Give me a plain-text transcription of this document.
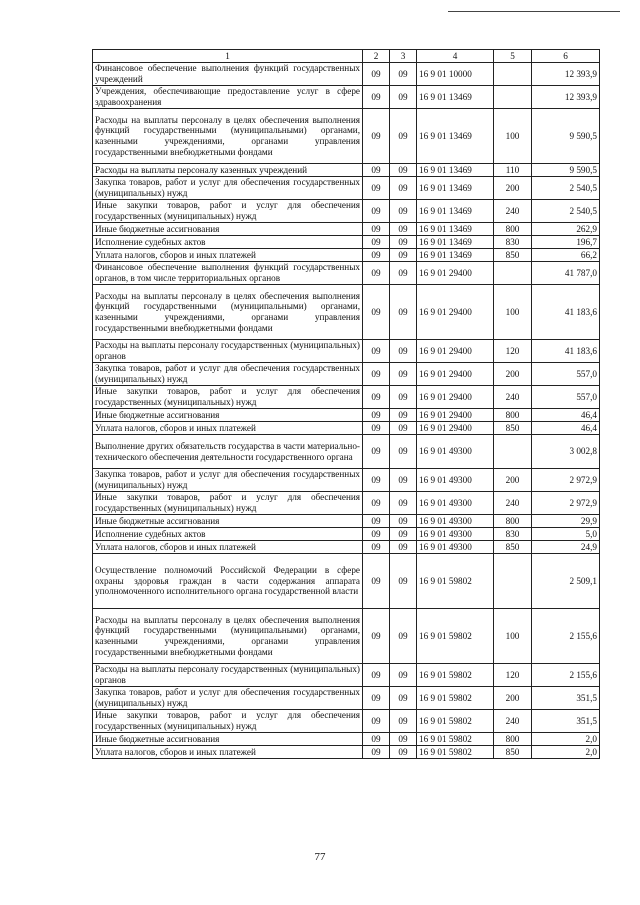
1	2	3	4	5	6
Финансовое обеспечение выполнения функций государственных учреждений	09	09	16 9 01 10000		12 393,9
Учреждения, обеспечивающие предоставление услуг в сфере здравоохранения	09	09	16 9 01 13469		12 393,9
Расходы на выплаты персоналу в целях обеспечения выполнения функций государственными (муниципальными) органами, казенными учреждениями, органами управления государственными внебюджетными фондами	09	09	16 9 01 13469	100	9 590,5
Расходы на выплаты персоналу казенных учреждений	09	09	16 9 01 13469	110	9 590,5
Закупка товаров, работ и услуг для обеспечения государственных (муниципальных) нужд	09	09	16 9 01 13469	200	2 540,5
Иные закупки товаров, работ и услуг для обеспечения государственных (муниципальных) нужд	09	09	16 9 01 13469	240	2 540,5
Иные бюджетные ассигнования	09	09	16 9 01 13469	800	262,9
Исполнение судебных актов	09	09	16 9 01 13469	830	196,7
Уплата налогов, сборов и иных платежей	09	09	16 9 01 13469	850	66,2
Финансовое обеспечение выполнения функций государственных органов, в том числе территориальных органов	09	09	16 9 01 29400		41 787,0
Расходы на выплаты персоналу в целях обеспечения выполнения функций государственными (муниципальными) органами, казенными учреждениями, органами управления государственными внебюджетными фондами	09	09	16 9 01 29400	100	41 183,6
Расходы на выплаты персоналу государственных (муниципальных) органов	09	09	16 9 01 29400	120	41 183,6
Закупка товаров, работ и услуг для обеспечения государственных (муниципальных) нужд	09	09	16 9 01 29400	200	557,0
Иные закупки товаров, работ и услуг для обеспечения государственных (муниципальных) нужд	09	09	16 9 01 29400	240	557,0
Иные бюджетные ассигнования	09	09	16 9 01 29400	800	46,4
Уплата налогов, сборов и иных платежей	09	09	16 9 01 29400	850	46,4
Выполнение других обязательств государства в части материально-технического обеспечения деятельности государственного органа	09	09	16 9 01 49300		3 002,8
Закупка товаров, работ и услуг для обеспечения государственных (муниципальных) нужд	09	09	16 9 01 49300	200	2 972,9
Иные закупки товаров, работ и услуг для обеспечения государственных (муниципальных) нужд	09	09	16 9 01 49300	240	2 972,9
Иные бюджетные ассигнования	09	09	16 9 01 49300	800	29,9
Исполнение судебных актов	09	09	16 9 01 49300	830	5,0
Уплата налогов, сборов и иных платежей	09	09	16 9 01 49300	850	24,9
Осуществление полномочий Российской Федерации в сфере охраны здоровья граждан в части содержания аппарата уполномоченного исполнительного органа государственной власти	09	09	16 9 01 59802		2 509,1
Расходы на выплаты персоналу в целях обеспечения выполнения функций государственными (муниципальными) органами, казенными учреждениями, органами управления государственными внебюджетными фондами	09	09	16 9 01 59802	100	2 155,6
Расходы на выплаты персоналу государственных (муниципальных) органов	09	09	16 9 01 59802	120	2 155,6
Закупка товаров, работ и услуг для обеспечения государственных (муниципальных) нужд	09	09	16 9 01 59802	200	351,5
Иные закупки товаров, работ и услуг для обеспечения государственных (муниципальных) нужд	09	09	16 9 01 59802	240	351,5
Иные бюджетные ассигнования	09	09	16 9 01 59802	800	2,0
Уплата налогов, сборов и иных платежей	09	09	16 9 01 59802	850	2,0
77
